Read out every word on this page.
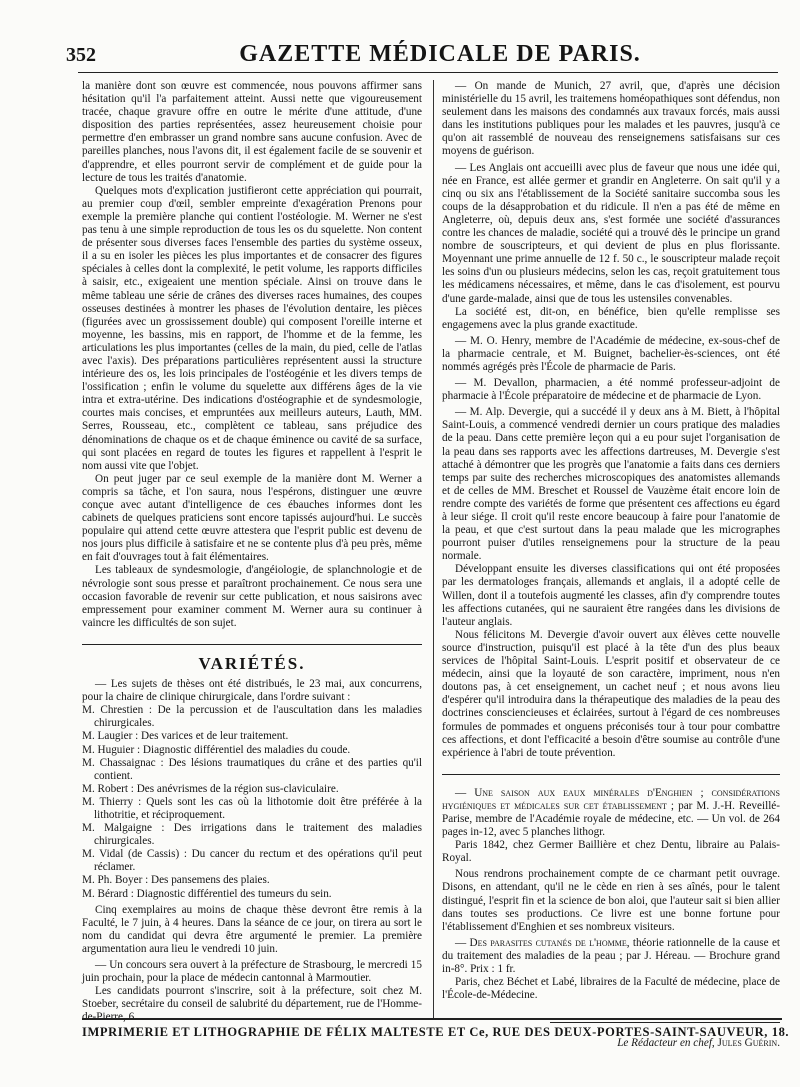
352	GAZETTE MÉDICALE DE PARIS.

la manière dont son œuvre est commencée, nous pouvons affirmer sans hésitation qu'il l'a parfaitement atteint. Aussi nette que vigoureusement tracée, chaque gravure offre en outre le mérite d'une attitude, d'une disposition des parties représentées, assez heureusement choisie pour permettre d'en embrasser un grand nombre sans aucune confusion. Avec de pareilles planches, nous l'avons dit, il est également facile de se souvenir et d'apprendre, et elles pourront servir de complément et de guide pour la lecture de tous les traités d'anatomie.

Quelques mots d'explication justifieront cette appréciation qui pourrait, au premier coup d'œil, sembler empreinte d'exagération Prenons pour exemple la première planche qui contient l'ostéologie. M. Werner ne s'est pas tenu à une simple reproduction de tous les os du squelette. Non content de présenter sous diverses faces l'ensemble des parties du système osseux, il a su en isoler les pièces les plus importantes et de consacrer des figures spéciales à celles dont la complexité, le petit volume, les rapports difficiles à saisir, etc., exigeaient une mention spéciale. Ainsi on trouve dans le même tableau une série de crânes des diverses races humaines, des coupes osseuses destinées à montrer les phases de l'évolution dentaire, les pièces (figurées avec un grossissement double) qui composent l'oreille interne et moyenne, les bassins, mis en rapport, de l'homme et de la femme, les articulations les plus importantes (celles de la main, du pied, celle de l'atlas avec l'axis). Des préparations particulières représentent aussi la structure intérieure des os, les lois principales de l'ostéogénie et les divers temps de l'ossification ; enfin le volume du squelette aux différens âges de la vie intra et extra-utérine. Des indications d'ostéographie et de syndesmologie, courtes mais concises, et empruntées aux meilleurs auteurs, Lauth, MM. Serres, Rousseau, etc., complètent ce tableau, sans préjudice des dénominations de chaque os et de chaque éminence ou cavité de sa surface, qui sont placées en regard de toutes les figures et rappellent à l'esprit le nom aussi vite que l'objet.

On peut juger par ce seul exemple de la manière dont M. Werner a compris sa tâche, et l'on saura, nous l'espérons, distinguer une œuvre conçue avec autant d'intelligence de ces ébauches informes dont les cabinets de quelques praticiens sont encore tapissés aujourd'hui. Le succès populaire qui attend cette œuvre attestera que l'esprit public est devenu de nos jours plus difficile à satisfaire et ne se contente plus d'à peu près, même en fait d'ouvrages tout à fait élémentaires.

Les tableaux de syndesmologie, d'angéiologie, de splanchnologie et de névrologie sont sous presse et paraîtront prochainement. Ce nous sera une occasion favorable de revenir sur cette publication, et nous saisirons avec empressement pour examiner comment M. Werner aura su continuer à vaincre les difficultés de son sujet.

VARIÉTÉS.

— Les sujets de thèses ont été distribués, le 23 mai, aux concurrens, pour la chaire de clinique chirurgicale, dans l'ordre suivant :

M. Chrestien : De la percussion et de l'auscultation dans les maladies chirurgicales.

M. Laugier : Des varices et de leur traitement.

M. Huguier : Diagnostic différentiel des maladies du coude.

M. Chassaignac : Des lésions traumatiques du crâne et des parties qu'il contient.

M. Robert : Des anévrismes de la région sus-claviculaire.

M. Thierry : Quels sont les cas où la lithotomie doit être préférée à la lithotritie, et réciproquement.

M. Malgaigne : Des irrigations dans le traitement des maladies chirurgicales.

M. Vidal (de Cassis) : Du cancer du rectum et des opérations qu'il peut réclamer.

M. Ph. Boyer : Des pansemens des plaies.

M. Bérard : Diagnostic différentiel des tumeurs du sein.

Cinq exemplaires au moins de chaque thèse devront être remis à la Faculté, le 7 juin, à 4 heures. Dans la séance de ce jour, on tirera au sort le nom du candidat qui devra être argumenté le premier. La première argumentation aura lieu le vendredi 10 juin.

— Un concours sera ouvert à la préfecture de Strasbourg, le mercredi 15 juin prochain, pour la place de médecin cantonnal à Marmoutier.

Les candidats pourront s'inscrire, soit à la préfecture, soit chez M. Stoeber, secrétaire du conseil de salubrité du département, rue de l'Homme-de-Pierre, 6.

— On mande de Munich, 27 avril, que, d'après une décision ministérielle du 15 avril, les traitemens homéopathiques sont défendus, non seulement dans les maisons des condamnés aux travaux forcés, mais aussi dans les institutions publiques pour les malades et les pauvres, jusqu'à ce qu'on ait rassemblé de nouveau des renseignemens satisfaisans sur ces moyens de guérison.

— Les Anglais ont accueilli avec plus de faveur que nous une idée qui, née en France, est allée germer et grandir en Angleterre. On sait qu'il y a cinq ou six ans l'établissement de la Société sanitaire succomba sous les coups de la désapprobation et du ridicule. Il n'en a pas été de même en Angleterre, où, depuis deux ans, s'est formée une société d'assurances contre les chances de maladie, société qui a trouvé dès le principe un grand nombre de souscripteurs, et qui devient de plus en plus florissante. Moyennant une prime annuelle de 12 f. 50 c., le souscripteur malade reçoit les soins d'un ou plusieurs médecins, selon les cas, reçoit gratuitement tous les médicamens nécessaires, et même, dans le cas d'isolement, est pourvu d'une garde-malade, ainsi que de tous les ustensiles convenables.

La société est, dit-on, en bénéfice, bien qu'elle remplisse ses engagemens avec la plus grande exactitude.

— M. O. Henry, membre de l'Académie de médecine, ex-sous-chef de la pharmacie centrale, et M. Buignet, bachelier-ès-sciences, ont été nommés agrégés près l'École de pharmacie de Paris.

— M. Devallon, pharmacien, a été nommé professeur-adjoint de pharmacie à l'École préparatoire de médecine et de pharmacie de Lyon.

— M. Alp. Devergie, qui a succédé il y deux ans à M. Biett, à l'hôpital Saint-Louis, a commencé vendredi dernier un cours pratique des maladies de la peau. Dans cette première leçon qui a eu pour sujet l'organisation de la peau dans ses rapports avec les affections dartreuses, M. Devergie s'est attaché à démontrer que les progrès que l'anatomie a faits dans ces derniers temps par suite des recherches microscopiques des anatomistes allemands et de celles de MM. Breschet et Roussel de Vauzème était encore loin de rendre compte des variétés de forme que présentent ces affections eu égard à leur siége. Il croit qu'il reste encore beaucoup à faire pour l'anatomie de la peau, et que c'est surtout dans la peau malade que les micrographes pourront puiser d'utiles renseignemens pour la structure de la peau normale.

Développant ensuite les diverses classifications qui ont été proposées par les dermatologes français, allemands et anglais, il a adopté celle de Willen, dont il a toutefois augmenté les classes, afin d'y comprendre toutes les affections cutanées, qui ne sauraient être rangées dans les divisions de l'auteur anglais.

Nous félicitons M. Devergie d'avoir ouvert aux élèves cette nouvelle source d'instruction, puisqu'il est placé à la tête d'un des plus beaux services de l'hôpital Saint-Louis. L'esprit positif et observateur de ce médecin, ainsi que la loyauté de son caractère, impriment, nous n'en doutons pas, à cet enseignement, un cachet neuf ; et nous avons lieu d'espérer qu'il introduira dans la thérapeutique des maladies de la peau des doctrines consciencieuses et éclairées, surtout à l'égard de ces nombreuses formules de pommades et onguens préconisés tour à tour pour combattre ces affections, et dont l'efficacité a besoin d'être soumise au contrôle d'une expérience à l'abri de toute prévention.

— Une saison aux eaux minérales d'Enghien ; considérations hygiéniques et médicales sur cet établissement ; par M. J.-H. Reveillé-Parise, membre de l'Académie royale de médecine, etc. — Un vol. de 264 pages in-12, avec 5 planches lithogr.

Paris 1842, chez Germer Baillière et chez Dentu, libraire au Palais-Royal.

Nous rendrons prochainement compte de ce charmant petit ouvrage. Disons, en attendant, qu'il ne le cède en rien à ses aînés, pour le talent distingué, l'esprit fin et la science de bon aloi, que l'auteur sait si bien allier dans toutes ses productions. Ce livre est une bonne fortune pour l'établissement d'Enghien et ses nombreux visiteurs.

— Des parasites cutanés de l'homme, théorie rationnelle de la cause et du traitement des maladies de la peau ; par J. Héreau. — Brochure grand in-8°. Prix : 1 fr.

Paris, chez Béchet et Labé, libraires de la Faculté de médecine, place de l'École-de-Médecine.

Le Rédacteur en chef, Jules Guérin.
IMPRIMERIE ET LITHOGRAPHIE DE FÉLIX MALTESTE ET Ce, RUE DES DEUX-PORTES-SAINT-SAUVEUR, 18.
